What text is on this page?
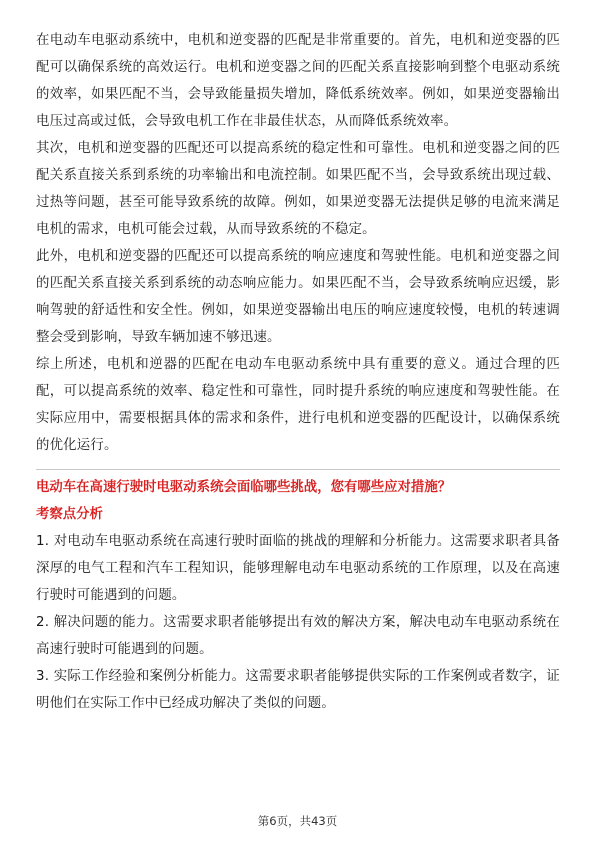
在电动车电驱动系统中，电机和逆变器的匹配是非常重要的。首先，电机和逆变器的匹配可以确保系统的高效运行。电机和逆变器之间的匹配关系直接影响到整个电驱动系统的效率，如果匹配不当，会导致能量损失增加，降低系统效率。例如，如果逆变器输出电压过高或过低，会导致电机工作在非最佳状态，从而降低系统效率。

其次，电机和逆变器的匹配还可以提高系统的稳定性和可靠性。电机和逆变器之间的匹配关系直接关系到系统的功率输出和电流控制。如果匹配不当，会导致系统出现过载、过热等问题，甚至可能导致系统的故障。例如，如果逆变器无法提供足够的电流来满足电机的需求，电机可能会过载，从而导致系统的不稳定。

此外，电机和逆变器的匹配还可以提高系统的响应速度和驾驶性能。电机和逆变器之间的匹配关系直接关系到系统的动态响应能力。如果匹配不当，会导致系统响应迟缓，影响驾驶的舒适性和安全性。例如，如果逆变器输出电压的响应速度较慢，电机的转速调整会受到影响，导致车辆加速不够迅速。

综上所述，电机和逆器的匹配在电动车电驱动系统中具有重要的意义。通过合理的匹配，可以提高系统的效率、稳定性和可靠性，同时提升系统的响应速度和驾驶性能。在实际应用中，需要根据具体的需求和条件，进行电机和逆变器的匹配设计，以确保系统的优化运行。

电动车在高速行驶时电驱动系统会面临哪些挑战，您有哪些应对措施？

考察点分析

1. 对电动车电驱动系统在高速行驶时面临的挑战的理解和分析能力。这需要求职者具备深厚的电气工程和汽车工程知识，能够理解电动车电驱动系统的工作原理，以及在高速行驶时可能遇到的问题。

2. 解决问题的能力。这需要求职者能够提出有效的解决方案，解决电动车电驱动系统在高速行驶时可能遇到的问题。

3. 实际工作经验和案例分析能力。这需要求职者能够提供实际的工作案例或者数字，证明他们在实际工作中已经成功解决了类似的问题。

第6页，共43页
